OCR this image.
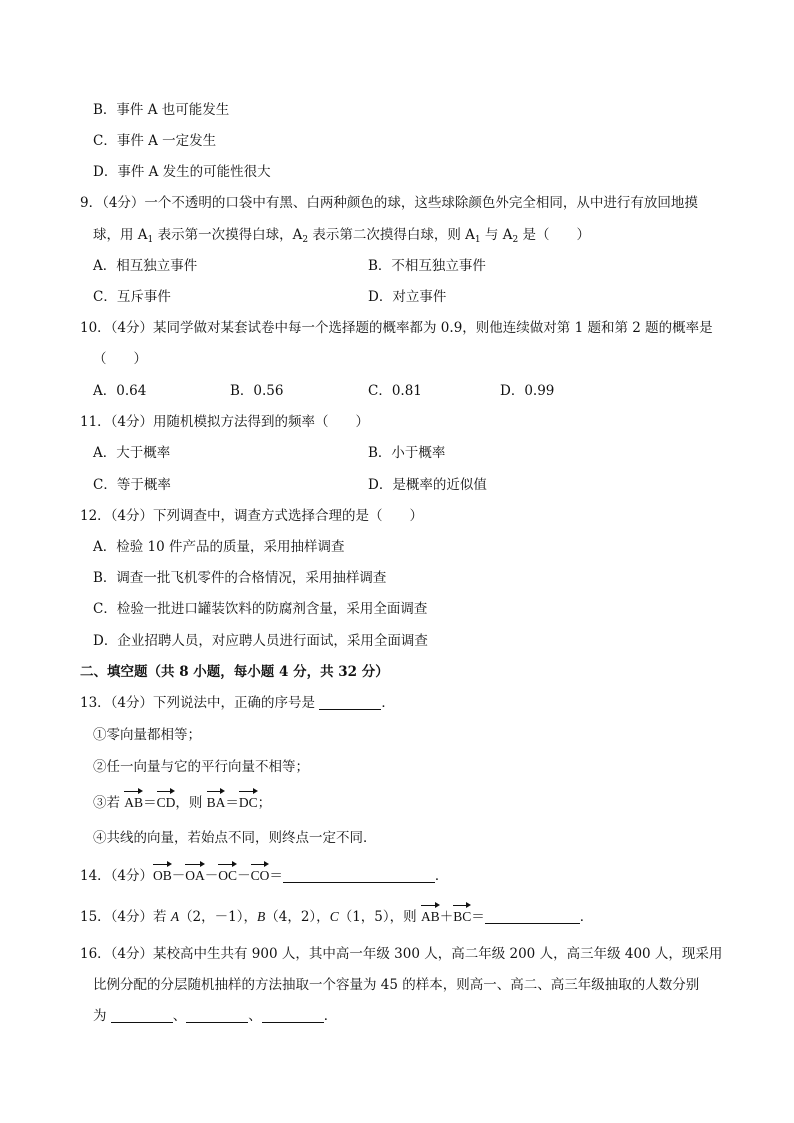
B．事件 A 也可能发生
C．事件 A 一定发生
D．事件 A 发生的可能性很大
9．（4分）一个不透明的口袋中有黑、白两种颜色的球，这些球除颜色外完全相同，从中进行有放回地摸
球，用 $A_1$ 表示第一次摸得白球，$A_2$ 表示第二次摸得白球，则 $A_1$ 与 $A_2$ 是（　　）
A．相互独立事件	B．不相互独立事件
C．互斥事件	D．对立事件
10．（4分）某同学做对某套试卷中每一个选择题的概率都为 0.9，则他连续做对第 1 题和第 2 题的概率是
（　　）
A．0.64	B．0.56	C．0.81	D．0.99
11．（4分）用随机模拟方法得到的频率（　　）
A．大于概率	B．小于概率
C．等于概率	D．是概率的近似值
12．（4分）下列调查中，调查方式选择合理的是（　　）
A．检验 10 件产品的质量，采用抽样调查
B．调查一批飞机零件的合格情况，采用抽样调查
C．检验一批进口罐装饮料的防腐剂含量，采用全面调查
D．企业招聘人员，对应聘人员进行面试，采用全面调查
二、填空题（共 8 小题，每小题 4 分，共 32 分）
13．（4分）下列说法中，正确的序号是	．
①零向量都相等；
②任一向量与它的平行向量不相等；
③若 AB＝CD，则 BA＝DC；
④共线的向量，若始点不同，则终点一定不同．
14．（4分）OB－OA－OC－CO＝	．
15．（4分）若 A（2，－1），B（4，2），C（1，5），则 AB＋BC＝	．
16．（4分）某校高中生共有 900 人，其中高一年级 300 人，高二年级 200 人，高三年级 400 人，现采用
比例分配的分层随机抽样的方法抽取一个容量为 45 的样本，则高一、高二、高三年级抽取的人数分别
为	、	、	．
